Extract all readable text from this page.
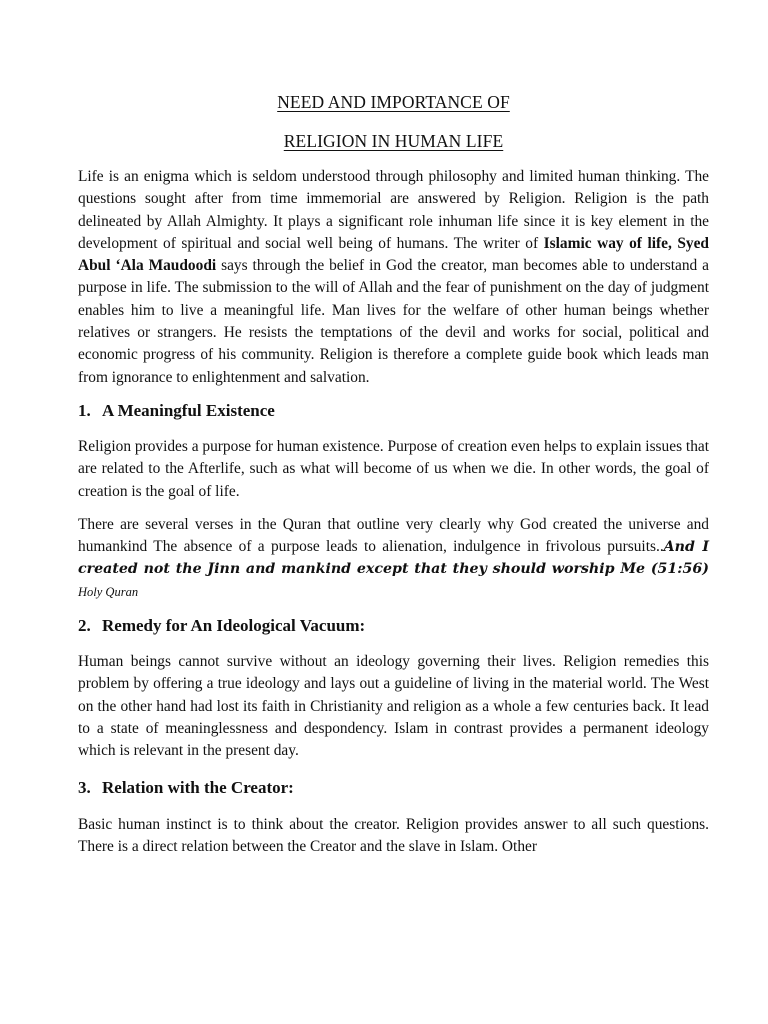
NEED AND IMPORTANCE OF
RELIGION IN HUMAN LIFE

Life is an enigma which is seldom understood through philosophy and limited human thinking. The questions sought after from time immemorial are answered by Religion. Religion is the path delineated by Allah Almighty. It plays a significant role inhuman life since it is key element in the development of spiritual and social well being of humans. The writer of Islamic way of life, Syed Abul ‘Ala Maudoodi says through the belief in God the creator, man becomes able to understand a purpose in life. The submission to the will of Allah and the fear of punishment on the day of judgment enables him to live a meaningful life. Man lives for the welfare of other human beings whether relatives or strangers. He resists the temptations of the devil and works for social, political and economic progress of his community. Religion is therefore a complete guide book which leads man from ignorance to enlightenment and salvation.

1. A Meaningful Existence

Religion provides a purpose for human existence. Purpose of creation even helps to explain issues that are related to the Afterlife, such as what will become of us when we die. In other words, the goal of creation is the goal of life.

There are several verses in the Quran that outline very clearly why God created the universe and humankind The absence of a purpose leads to alienation, indulgence in frivolous pursuits..And I created not the Jinn and mankind except that they should worship Me (51:56) Holy Quran

2. Remedy for An Ideological Vacuum:

Human beings cannot survive without an ideology governing their lives. Religion remedies this problem by offering a true ideology and lays out a guideline of living in the material world. The West on the other hand had lost its faith in Christianity and religion as a whole a few centuries back. It lead to a state of meaninglessness and despondency. Islam in contrast provides a permanent ideology which is relevant in the present day.

3. Relation with the Creator:

Basic human instinct is to think about the creator. Religion provides answer to all such questions. There is a direct relation between the Creator and the slave in Islam. Other
